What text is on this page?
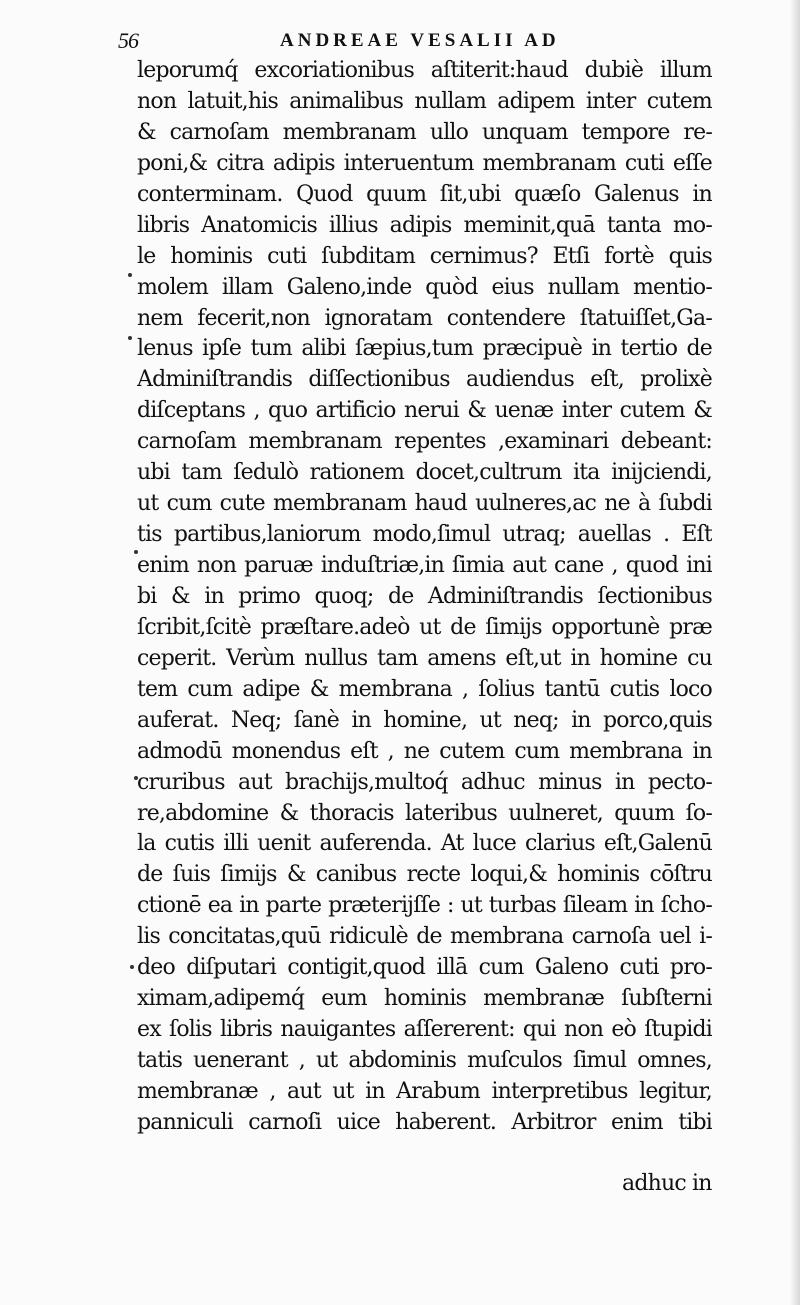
56	ANDREAE VESALII AD
leporumq́ excoriationibus aſtiterit:haud dubiè illum
non latuit,his animalibus nullam adipem inter cutem
& carnoſam membranam ullo unquam tempore re-
poni,& citra adipis interuentum membranam cuti eſſe
conterminam. Quod quum ſit,ubi quæſo Galenus in
libris Anatomicis illius adipis meminit,quā tanta mo-
le hominis cuti ſubditam cernimus? Etſi fortè quis
molem illam Galeno,inde quòd eius nullam mentio-
nem fecerit,non ignoratam contendere ſtatuiſſet,Ga-
lenus ipſe tum alibi ſæpius,tum præcipuè in tertio de
Adminiſtrandis diſſectionibus audiendus eſt, prolixè
diſceptans , quo artificio nerui & uenæ inter cutem &
carnoſam membranam repentes ,examinari debeant:
ubi tam ſedulò rationem docet,cultrum ita inijciendi,
ut cum cute membranam haud uulneres,ac ne à ſubdi
tis partibus,laniorum modo,ſimul utraq; auellas . Eſt
enim non paruæ induſtriæ,in ſimia aut cane , quod ini
bi & in primo quoq; de Adminiſtrandis ſectionibus
ſcribit,ſcitè præſtare.adeò ut de ſimijs opportunè præ
ceperit. Verùm nullus tam amens eſt,ut in homine cu
tem cum adipe & membrana , ſolius tantū cutis loco
auferat. Neq; ſanè in homine, ut neq; in porco,quis
admodū monendus eſt , ne cutem cum membrana in
cruribus aut brachijs,multoq́ adhuc minus in pecto-
re,abdomine & thoracis lateribus uulneret, quum ſo-
la cutis illi uenit auferenda. At luce clarius eſt,Galenū
de ſuis ſimijs & canibus recte loqui,& hominis cōſtru
ctionē ea in parte præterijſſe : ut turbas ſileam in ſcho-
lis concitatas,quū ridiculè de membrana carnoſa uel i-
deo diſputari contigit,quod illā cum Galeno cuti pro-
ximam,adipemq́ eum hominis membranæ ſubſterni
ex ſolis libris nauigantes aſſererent: qui non eò ſtupidi
tatis uenerant , ut abdominis muſculos ſimul omnes,
membranæ , aut ut in Arabum interpretibus legitur,
panniculi carnoſi uice haberent. Arbitror enim tibi
adhuc in
